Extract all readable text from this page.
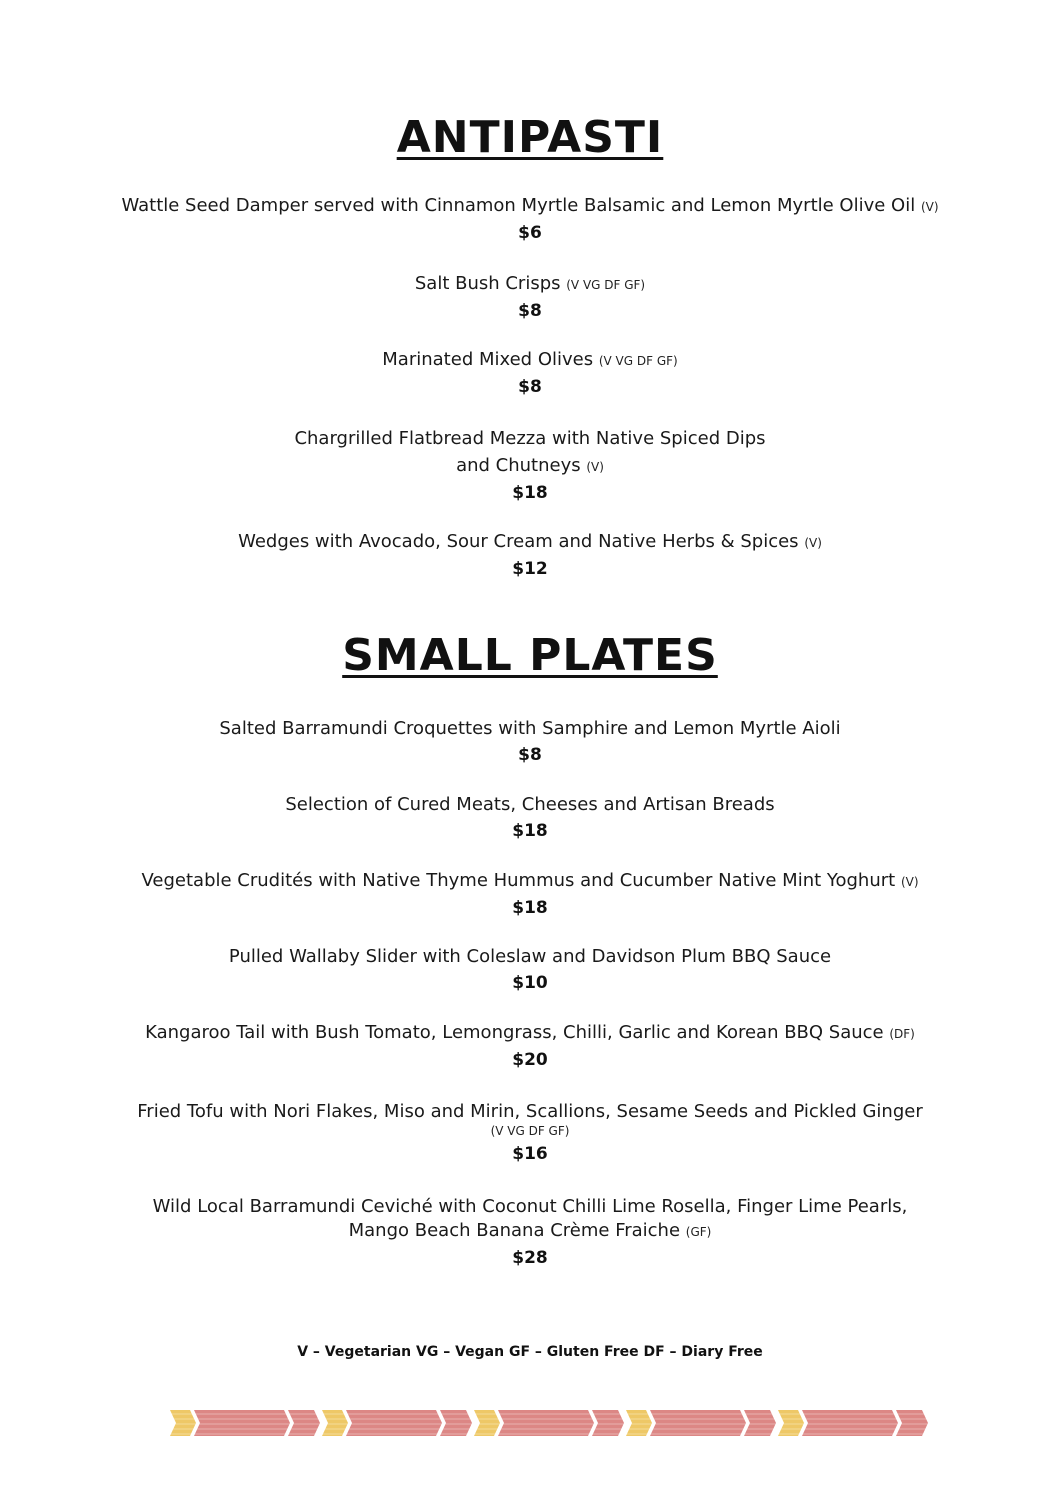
ANTIPASTI
Wattle Seed Damper served with Cinnamon Myrtle Balsamic and Lemon Myrtle Olive Oil (V)
$6
Salt Bush Crisps (V VG DF GF)
$8
Marinated Mixed Olives (V VG DF GF)
$8
Chargrilled Flatbread Mezza with Native Spiced Dips
and Chutneys (V)
$18
Wedges with Avocado, Sour Cream and Native Herbs & Spices (V)
$12
SMALL PLATES
Salted Barramundi Croquettes with Samphire and Lemon Myrtle Aioli
$8
Selection of Cured Meats, Cheeses and Artisan Breads
$18
Vegetable Crudités with Native Thyme Hummus and Cucumber Native Mint Yoghurt (V)
$18
Pulled Wallaby Slider with Coleslaw and Davidson Plum BBQ Sauce
$10
Kangaroo Tail with Bush Tomato, Lemongrass, Chilli, Garlic and Korean BBQ Sauce (DF)
$20
Fried Tofu with Nori Flakes, Miso and Mirin, Scallions, Sesame Seeds and Pickled Ginger
(V VG DF GF)
$16
Wild Local Barramundi Ceviché with Coconut Chilli Lime Rosella, Finger Lime Pearls,
Mango Beach Banana Crème Fraiche (GF)
$28
V – Vegetarian VG – Vegan GF – Gluten Free DF – Diary Free
